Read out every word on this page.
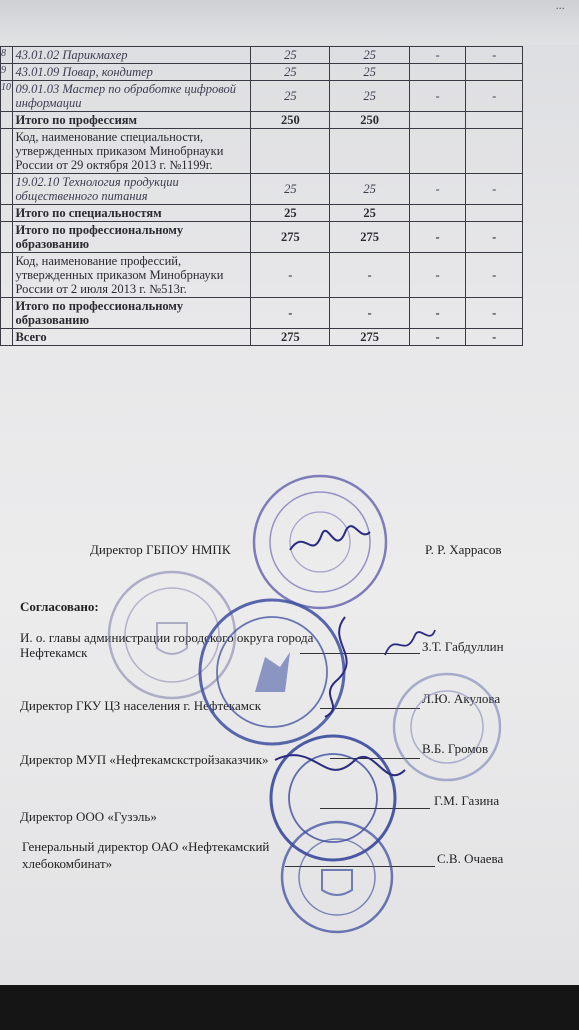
...
8	43.01.02 Парикмахер	25	25	-	-
9	43.01.09 Повар, кондитер	25	25		
10	09.01.03 Мастер по обработке цифровой информации	25	25	-	-
	Итого по профессиям	250	250		
	Код, наименование специальности, утвержденных приказом Минобрнауки России от 29 октября 2013 г. №1199г.				
	19.02.10 Технология продукции общественного питания	25	25	-	-
	Итого по специальностям	25	25		
	Итого по профессиональному образованию	275	275	-	-
	Код, наименование профессий, утвержденных приказом Минобрнауки России от 2 июля 2013 г. №513г.	-	-	-	-
	Итого по профессиональному образованию	-	-	-	-
	Всего	275	275	-	-
Директор ГБПОУ НМПК	Р. Р. Харрасов
Согласовано:
И. о. главы администрации городского округа города Нефтекамск	З.Т. Габдуллин
Директор ГКУ ЦЗ населения г. Нефтекамск	Л.Ю. Акулова
Директор МУП «Нефтекамскстройзаказчик»
В.Б. Громов
Директор ООО «Гузэль»
Г.М. Газина
Генеральный директор ОАО «Нефтекамский хлебокомбинат»	С.В. Очаева
